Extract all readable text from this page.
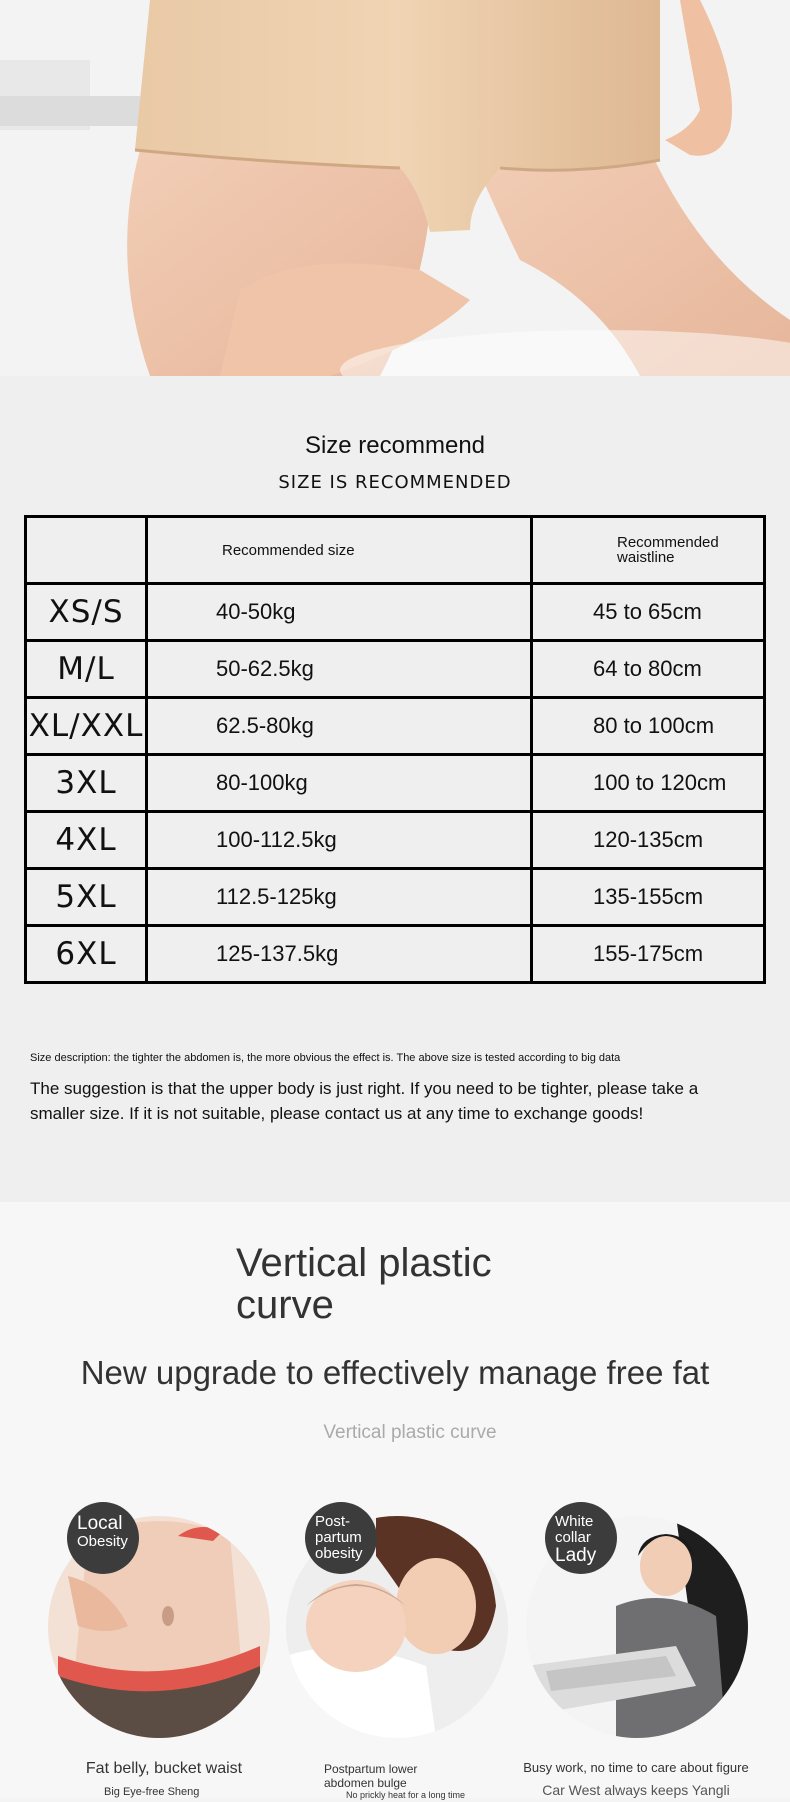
Size recommend
SIZE IS RECOMMENDED
	Recommended size	Recommended waistline

XS/S	40-50kg	45 to 65cm

M/L	50-62.5kg	64 to 80cm

XL/XXL	62.5-80kg	80 to 100cm

3XL	80-100kg	100 to 120cm

4XL	100-112.5kg	120-135cm

5XL	112.5-125kg	135-155cm

6XL	125-137.5kg	155-175cm
Size description: the tighter the abdomen is, the more obvious the effect is. The above size is tested according to big data
The suggestion is that the upper body is just right. If you need to be tighter, please take a smaller size. If it is not suitable, please contact us at any time to exchange goods!
Vertical plastic curve
New upgrade to effectively manage free fat
Vertical plastic curve
Local
Obesity
Fat belly, bucket waist
Big Eye-free Sheng
Post-partum
obesity
Postpartum lower abdomen bulge
No prickly heat for a long time
White collar
Lady
Busy work, no time to care about figure
Car West always keeps Yangli
